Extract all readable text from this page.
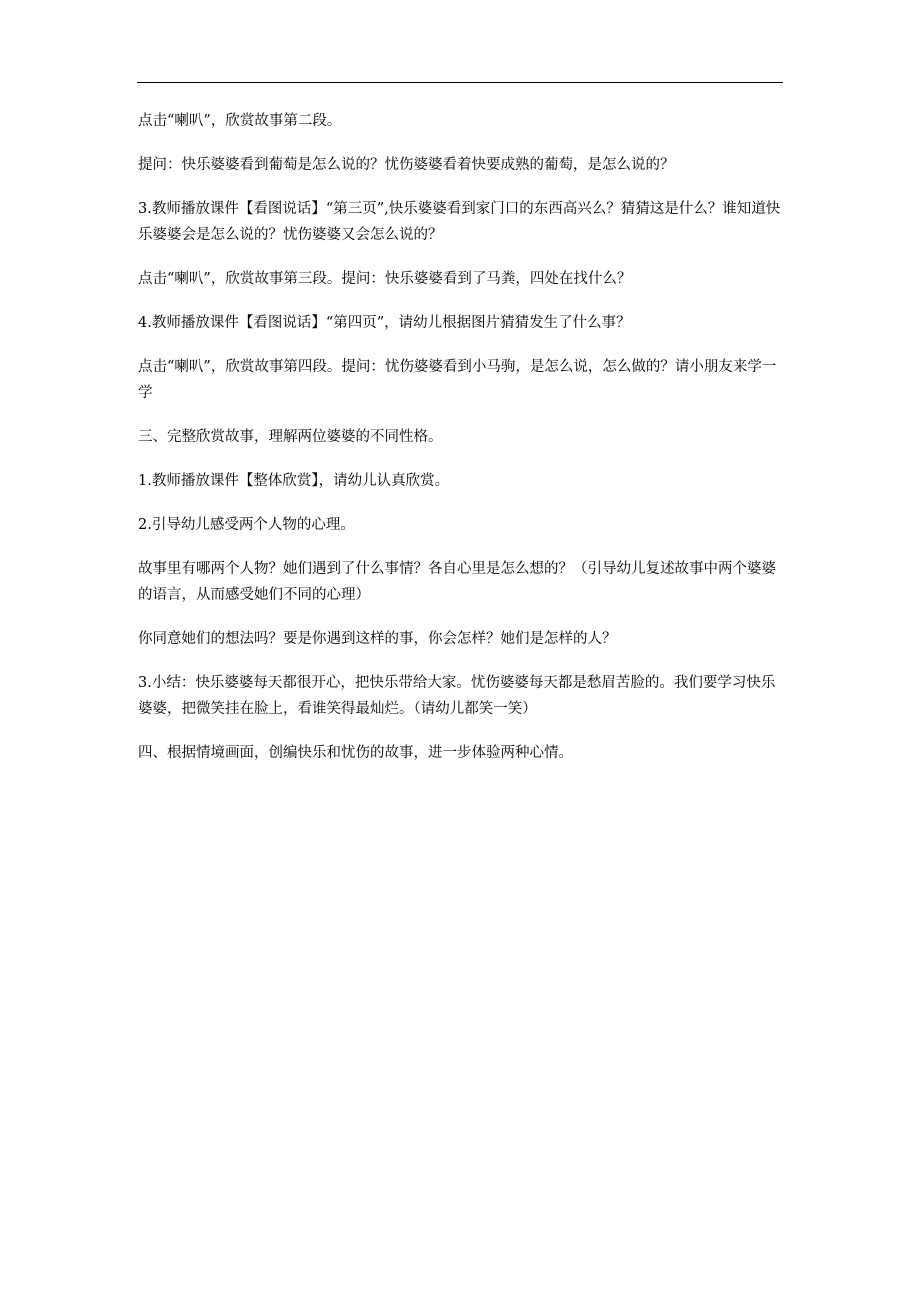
点击“喇叭”，欣赏故事第二段。

提问：快乐婆婆看到葡萄是怎么说的？忧伤婆婆看着快要成熟的葡萄，是怎么说的？

3.教师播放课件【看图说话】“第三页”,快乐婆婆看到家门口的东西高兴么？猜猜这是什么？谁知道快乐婆婆会是怎么说的？忧伤婆婆又会怎么说的？

点击“喇叭”，欣赏故事第三段。提问：快乐婆婆看到了马粪，四处在找什么？

4.教师播放课件【看图说话】“第四页”，请幼儿根据图片猜猜发生了什么事？

点击“喇叭”，欣赏故事第四段。提问：忧伤婆婆看到小马驹，是怎么说，怎么做的？请小朋友来学一学

三、完整欣赏故事，理解两位婆婆的不同性格。

1.教师播放课件【整体欣赏】，请幼儿认真欣赏。

2.引导幼儿感受两个人物的心理。

故事里有哪两个人物？她们遇到了什么事情？各自心里是怎么想的？（引导幼儿复述故事中两个婆婆的语言，从而感受她们不同的心理）

你同意她们的想法吗？要是你遇到这样的事，你会怎样？她们是怎样的人？

3.小结：快乐婆婆每天都很开心，把快乐带给大家。忧伤婆婆每天都是愁眉苦脸的。我们要学习快乐婆婆，把微笑挂在脸上，看谁笑得最灿烂。（请幼儿都笑一笑）

四、根据情境画面，创编快乐和忧伤的故事，进一步体验两种心情。
